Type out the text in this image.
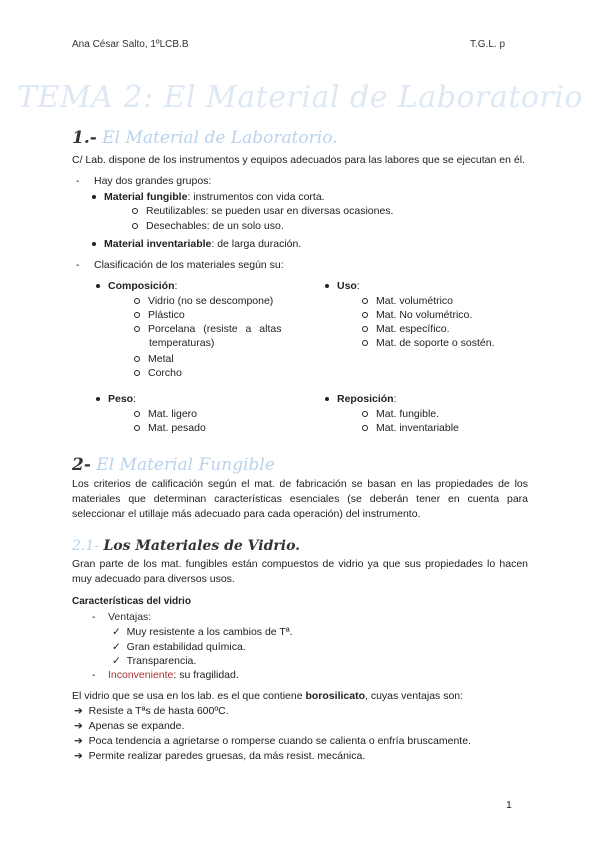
Ana César Salto, 1ºLCB.B	T.G.L. p
TEMA 2: El Material de Laboratorio
1.- El Material de Laboratorio.
C/ Lab. dispone de los instrumentos y equipos adecuados para las labores que se ejecutan en él.
- Hay dos grandes grupos:
Material fungible: instrumentos con vida corta.
Reutilizables: se pueden usar en diversas ocasiones.
Desechables: de un solo uso.
Material inventariable: de larga duración.
- Clasificación de los materiales según su:
Composición:
Vidrio (no se descompone)
Plástico
Porcelana (resiste a altas
temperaturas)
Metal
Corcho
Uso:
Mat. volumétrico
Mat. No volumétrico.
Mat. específico.
Mat. de soporte o sostén.
Peso:
Mat. ligero
Mat. pesado
Reposición:
Mat. fungible.
Mat. inventariable
2- El Material Fungible
Los criterios de calificación según el mat. de fabricación se basan en las propiedades de los materiales que determinan características esenciales (se deberán tener en cuenta para seleccionar el utillaje más adecuado para cada operación) del instrumento.
2.1- Los Materiales de Vidrio.
Gran parte de los mat. fungibles están compuestos de vidrio ya que sus propiedades lo hacen muy adecuado para diversos usos.
Características del vidrio
- Ventajas:
✓ Muy resistente a los cambios de Tª.
✓ Gran estabilidad química.
✓ Transparencia.
- Inconveniente: su fragilidad.
El vidrio que se usa en los lab. es el que contiene borosilicato, cuyas ventajas son:
➔ Resiste a Tªs de hasta 600ºC.
➔ Apenas se expande.
➔ Poca tendencia a agrietarse o romperse cuando se calienta o enfría bruscamente.
➔ Permite realizar paredes gruesas, da más resist. mecánica.
1
